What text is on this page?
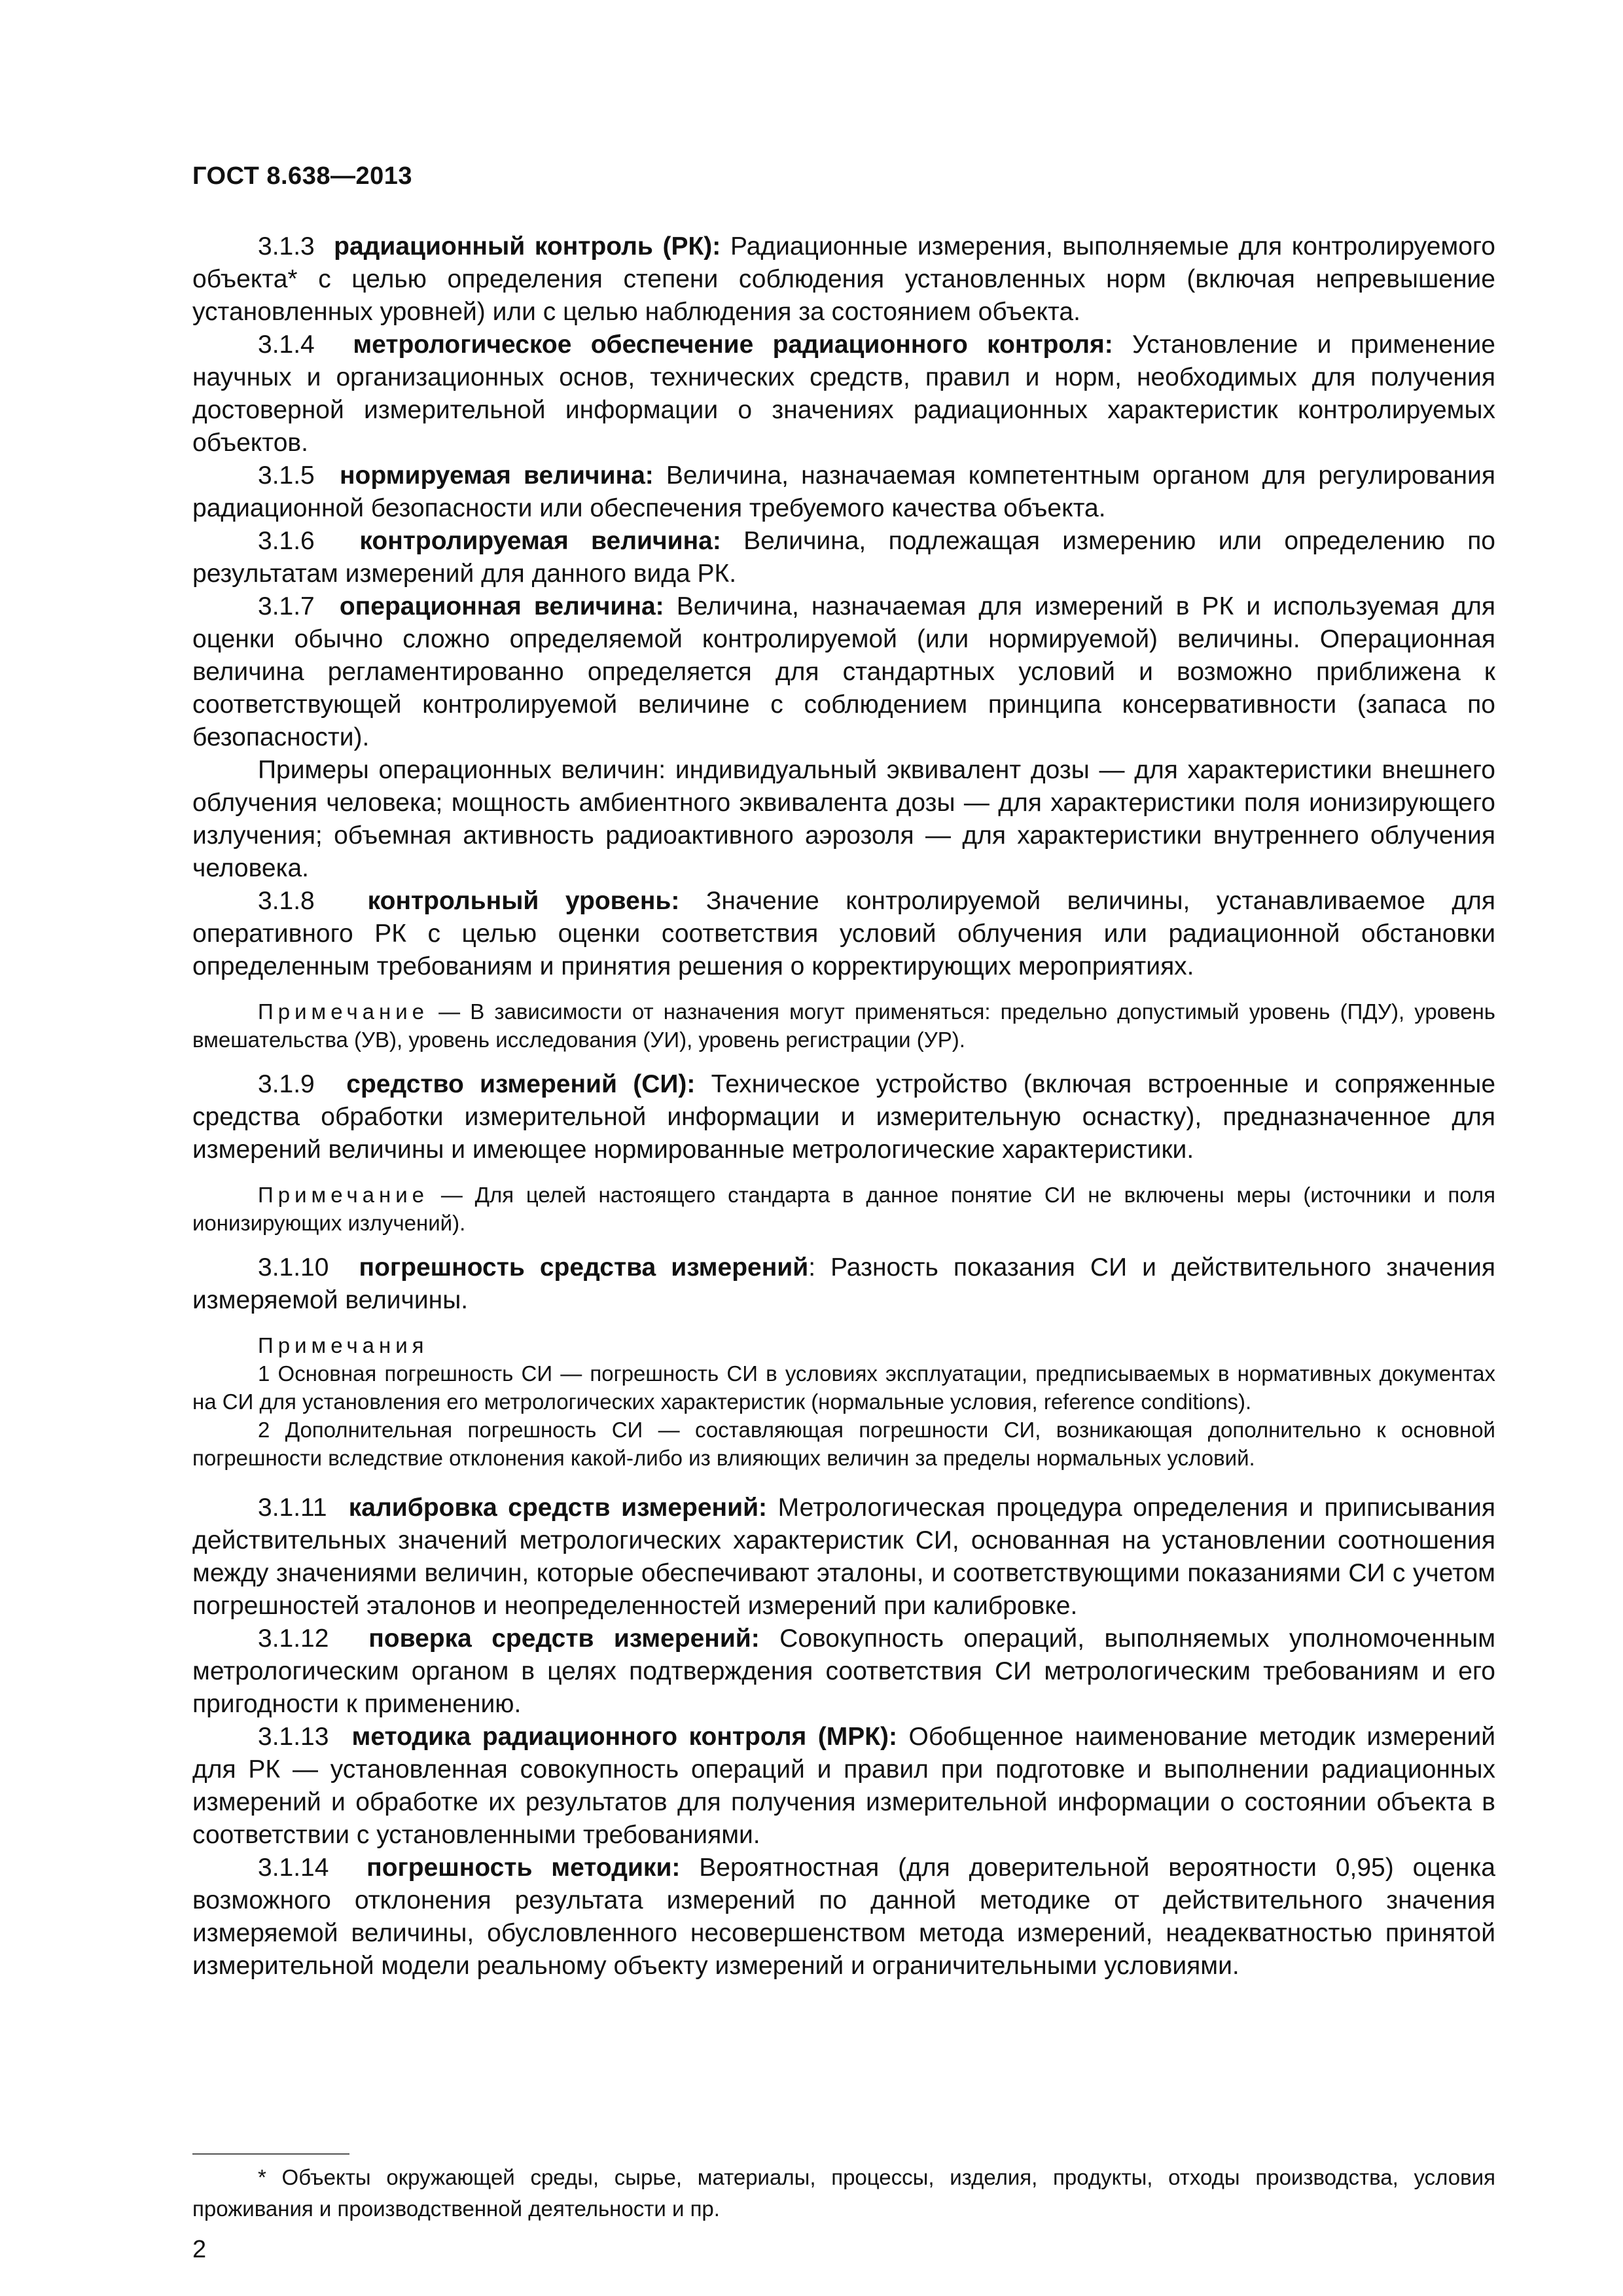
ГОСТ 8.638—2013

3.1.3 радиационный контроль (РК): Радиационные измерения, выполняемые для контролируемого объекта* с целью определения степени соблюдения установленных норм (включая непревышение установленных уровней) или с целью наблюдения за состоянием объекта.

3.1.4 метрологическое обеспечение радиационного контроля: Установление и применение научных и организационных основ, технических средств, правил и норм, необходимых для получения достоверной измерительной информации о значениях радиационных характеристик контролируемых объектов.

3.1.5 нормируемая величина: Величина, назначаемая компетентным органом для регулирования радиационной безопасности или обеспечения требуемого качества объекта.

3.1.6 контролируемая величина: Величина, подлежащая измерению или определению по результатам измерений для данного вида РК.

3.1.7 операционная величина: Величина, назначаемая для измерений в РК и используемая для оценки обычно сложно определяемой контролируемой (или нормируемой) величины. Операционная величина регламентированно определяется для стандартных условий и возможно приближена к соответствующей контролируемой величине с соблюдением принципа консервативности (запаса по безопасности).

Примеры операционных величин: индивидуальный эквивалент дозы — для характеристики внешнего облучения человека; мощность амбиентного эквивалента дозы — для характеристики поля ионизирующего излучения; объемная активность радиоактивного аэрозоля — для характеристики внутреннего облучения человека.

3.1.8 контрольный уровень: Значение контролируемой величины, устанавливаемое для оперативного РК с целью оценки соответствия условий облучения или радиационной обстановки определенным требованиям и принятия решения о корректирующих мероприятиях.

Примечание — В зависимости от назначения могут применяться: предельно допустимый уровень (ПДУ), уровень вмешательства (УВ), уровень исследования (УИ), уровень регистрации (УР).

3.1.9 средство измерений (СИ): Техническое устройство (включая встроенные и сопряженные средства обработки измерительной информации и измерительную оснастку), предназначенное для измерений величины и имеющее нормированные метрологические характеристики.

Примечание — Для целей настоящего стандарта в данное понятие СИ не включены меры (источники и поля ионизирующих излучений).

3.1.10 погрешность средства измерений: Разность показания СИ и действительного значения измеряемой величины.

Примечания

1 Основная погрешность СИ — погрешность СИ в условиях эксплуатации, предписываемых в нормативных документах на СИ для установления его метрологических характеристик (нормальные условия, reference conditions).

2 Дополнительная погрешность СИ — составляющая погрешности СИ, возникающая дополнительно к основной погрешности вследствие отклонения какой-либо из влияющих величин за пределы нормальных условий.

3.1.11 калибровка средств измерений: Метрологическая процедура определения и приписывания действительных значений метрологических характеристик СИ, основанная на установлении соотношения между значениями величин, которые обеспечивают эталоны, и соответствующими показаниями СИ с учетом погрешностей эталонов и неопределенностей измерений при калибровке.

3.1.12 поверка средств измерений: Совокупность операций, выполняемых уполномоченным метрологическим органом в целях подтверждения соответствия СИ метрологическим требованиям и его пригодности к применению.

3.1.13 методика радиационного контроля (МРК): Обобщенное наименование методик измерений для РК — установленная совокупность операций и правил при подготовке и выполнении радиационных измерений и обработке их результатов для получения измерительной информации о состоянии объекта в соответствии с установленными требованиями.

3.1.14 погрешность методики: Вероятностная (для доверительной вероятности 0,95) оценка возможного отклонения результата измерений по данной методике от действительного значения измеряемой величины, обусловленного несовершенством метода измерений, неадекватностью принятой измерительной модели реальному объекту измерений и ограничительными условиями.

* Объекты окружающей среды, сырье, материалы, процессы, изделия, продукты, отходы производства, условия проживания и производственной деятельности и пр.

2
